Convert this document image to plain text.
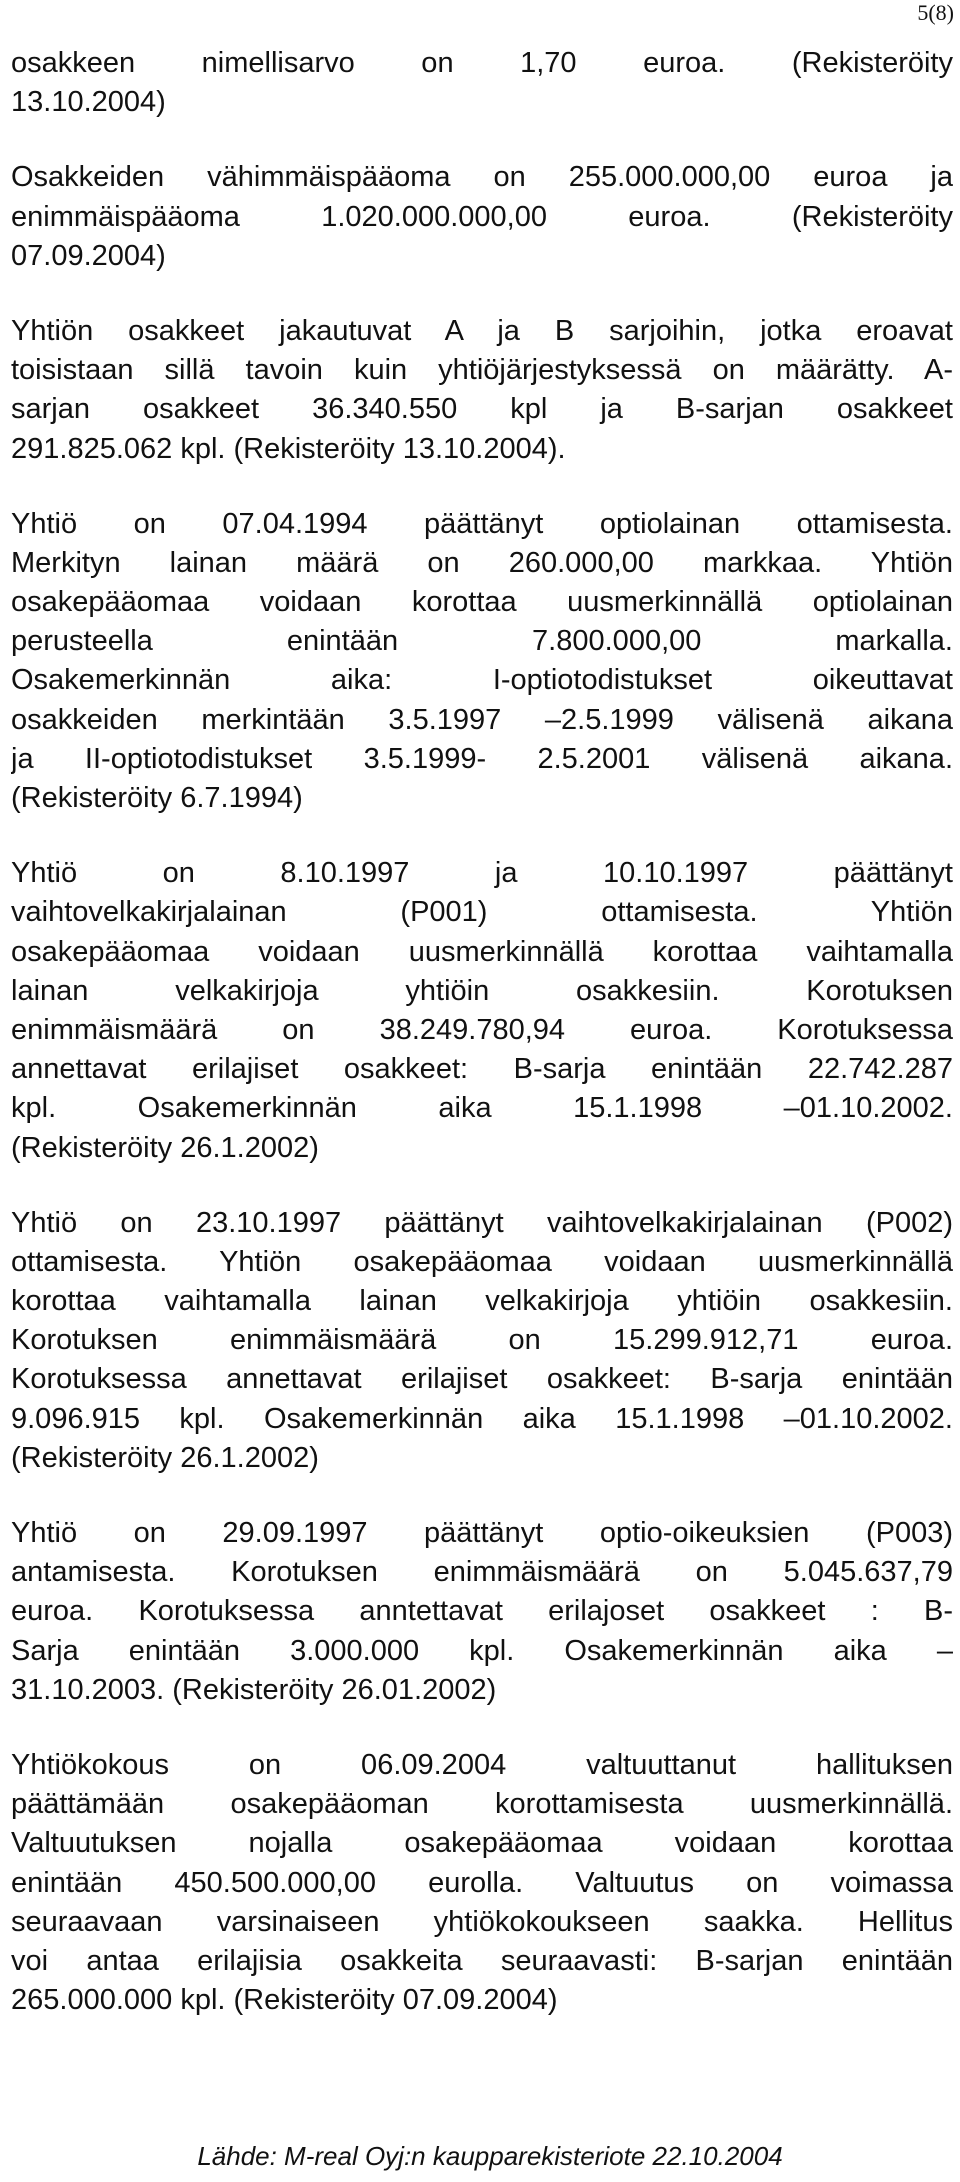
5(8)
osakkeen nimellisarvo on 1,70 euroa. (Rekisteröity
13.10.2004)
Osakkeiden vähimmäispääoma on 255.000.000,00 euroa ja
enimmäispääoma 1.020.000.000,00 euroa. (Rekisteröity
07.09.2004)
Yhtiön osakkeet jakautuvat A ja B sarjoihin, jotka eroavat
toisistaan sillä tavoin kuin yhtiöjärjestyksessä on määrätty. A-
sarjan osakkeet 36.340.550 kpl ja B-sarjan osakkeet
291.825.062 kpl. (Rekisteröity 13.10.2004).
Yhtiö on 07.04.1994 päättänyt optiolainan ottamisesta.
Merkityn lainan määrä on 260.000,00 markkaa. Yhtiön
osakepääomaa voidaan korottaa uusmerkinnällä optiolainan
perusteella enintään 7.800.000,00 markalla.
Osakemerkinnän aika: I-optiotodistukset oikeuttavat
osakkeiden merkintään 3.5.1997 –2.5.1999 välisenä aikana
ja II-optiotodistukset 3.5.1999- 2.5.2001 välisenä aikana.
(Rekisteröity 6.7.1994)
Yhtiö on 8.10.1997 ja 10.10.1997 päättänyt
vaihtovelkakirjalainan (P001) ottamisesta. Yhtiön
osakepääomaa voidaan uusmerkinnällä korottaa vaihtamalla
lainan velkakirjoja yhtiöin osakkesiin. Korotuksen
enimmäismäärä on 38.249.780,94 euroa. Korotuksessa
annettavat erilajiset osakkeet: B-sarja enintään 22.742.287
kpl. Osakemerkinnän aika 15.1.1998 –01.10.2002.
(Rekisteröity 26.1.2002)
Yhtiö on 23.10.1997 päättänyt vaihtovelkakirjalainan (P002)
ottamisesta. Yhtiön osakepääomaa voidaan uusmerkinnällä
korottaa vaihtamalla lainan velkakirjoja yhtiöin osakkesiin.
Korotuksen enimmäismäärä on 15.299.912,71 euroa.
Korotuksessa annettavat erilajiset osakkeet: B-sarja enintään
9.096.915 kpl. Osakemerkinnän aika 15.1.1998 –01.10.2002.
(Rekisteröity 26.1.2002)
Yhtiö on 29.09.1997 päättänyt optio-oikeuksien (P003)
antamisesta. Korotuksen enimmäismäärä on 5.045.637,79
euroa. Korotuksessa anntettavat erilajoset osakkeet : B-
Sarja enintään 3.000.000 kpl. Osakemerkinnän aika –
31.10.2003. (Rekisteröity 26.01.2002)
Yhtiökokous on 06.09.2004 valtuuttanut hallituksen
päättämään osakepääoman korottamisesta uusmerkinnällä.
Valtuutuksen nojalla osakepääomaa voidaan korottaa
enintään 450.500.000,00 eurolla. Valtuutus on voimassa
seuraavaan varsinaiseen yhtiökokoukseen saakka. Hellitus
voi antaa erilajisia osakkeita seuraavasti: B-sarjan enintään
265.000.000 kpl. (Rekisteröity 07.09.2004)
Lähde: M-real Oyj:n kaupparekisteriote 22.10.2004
